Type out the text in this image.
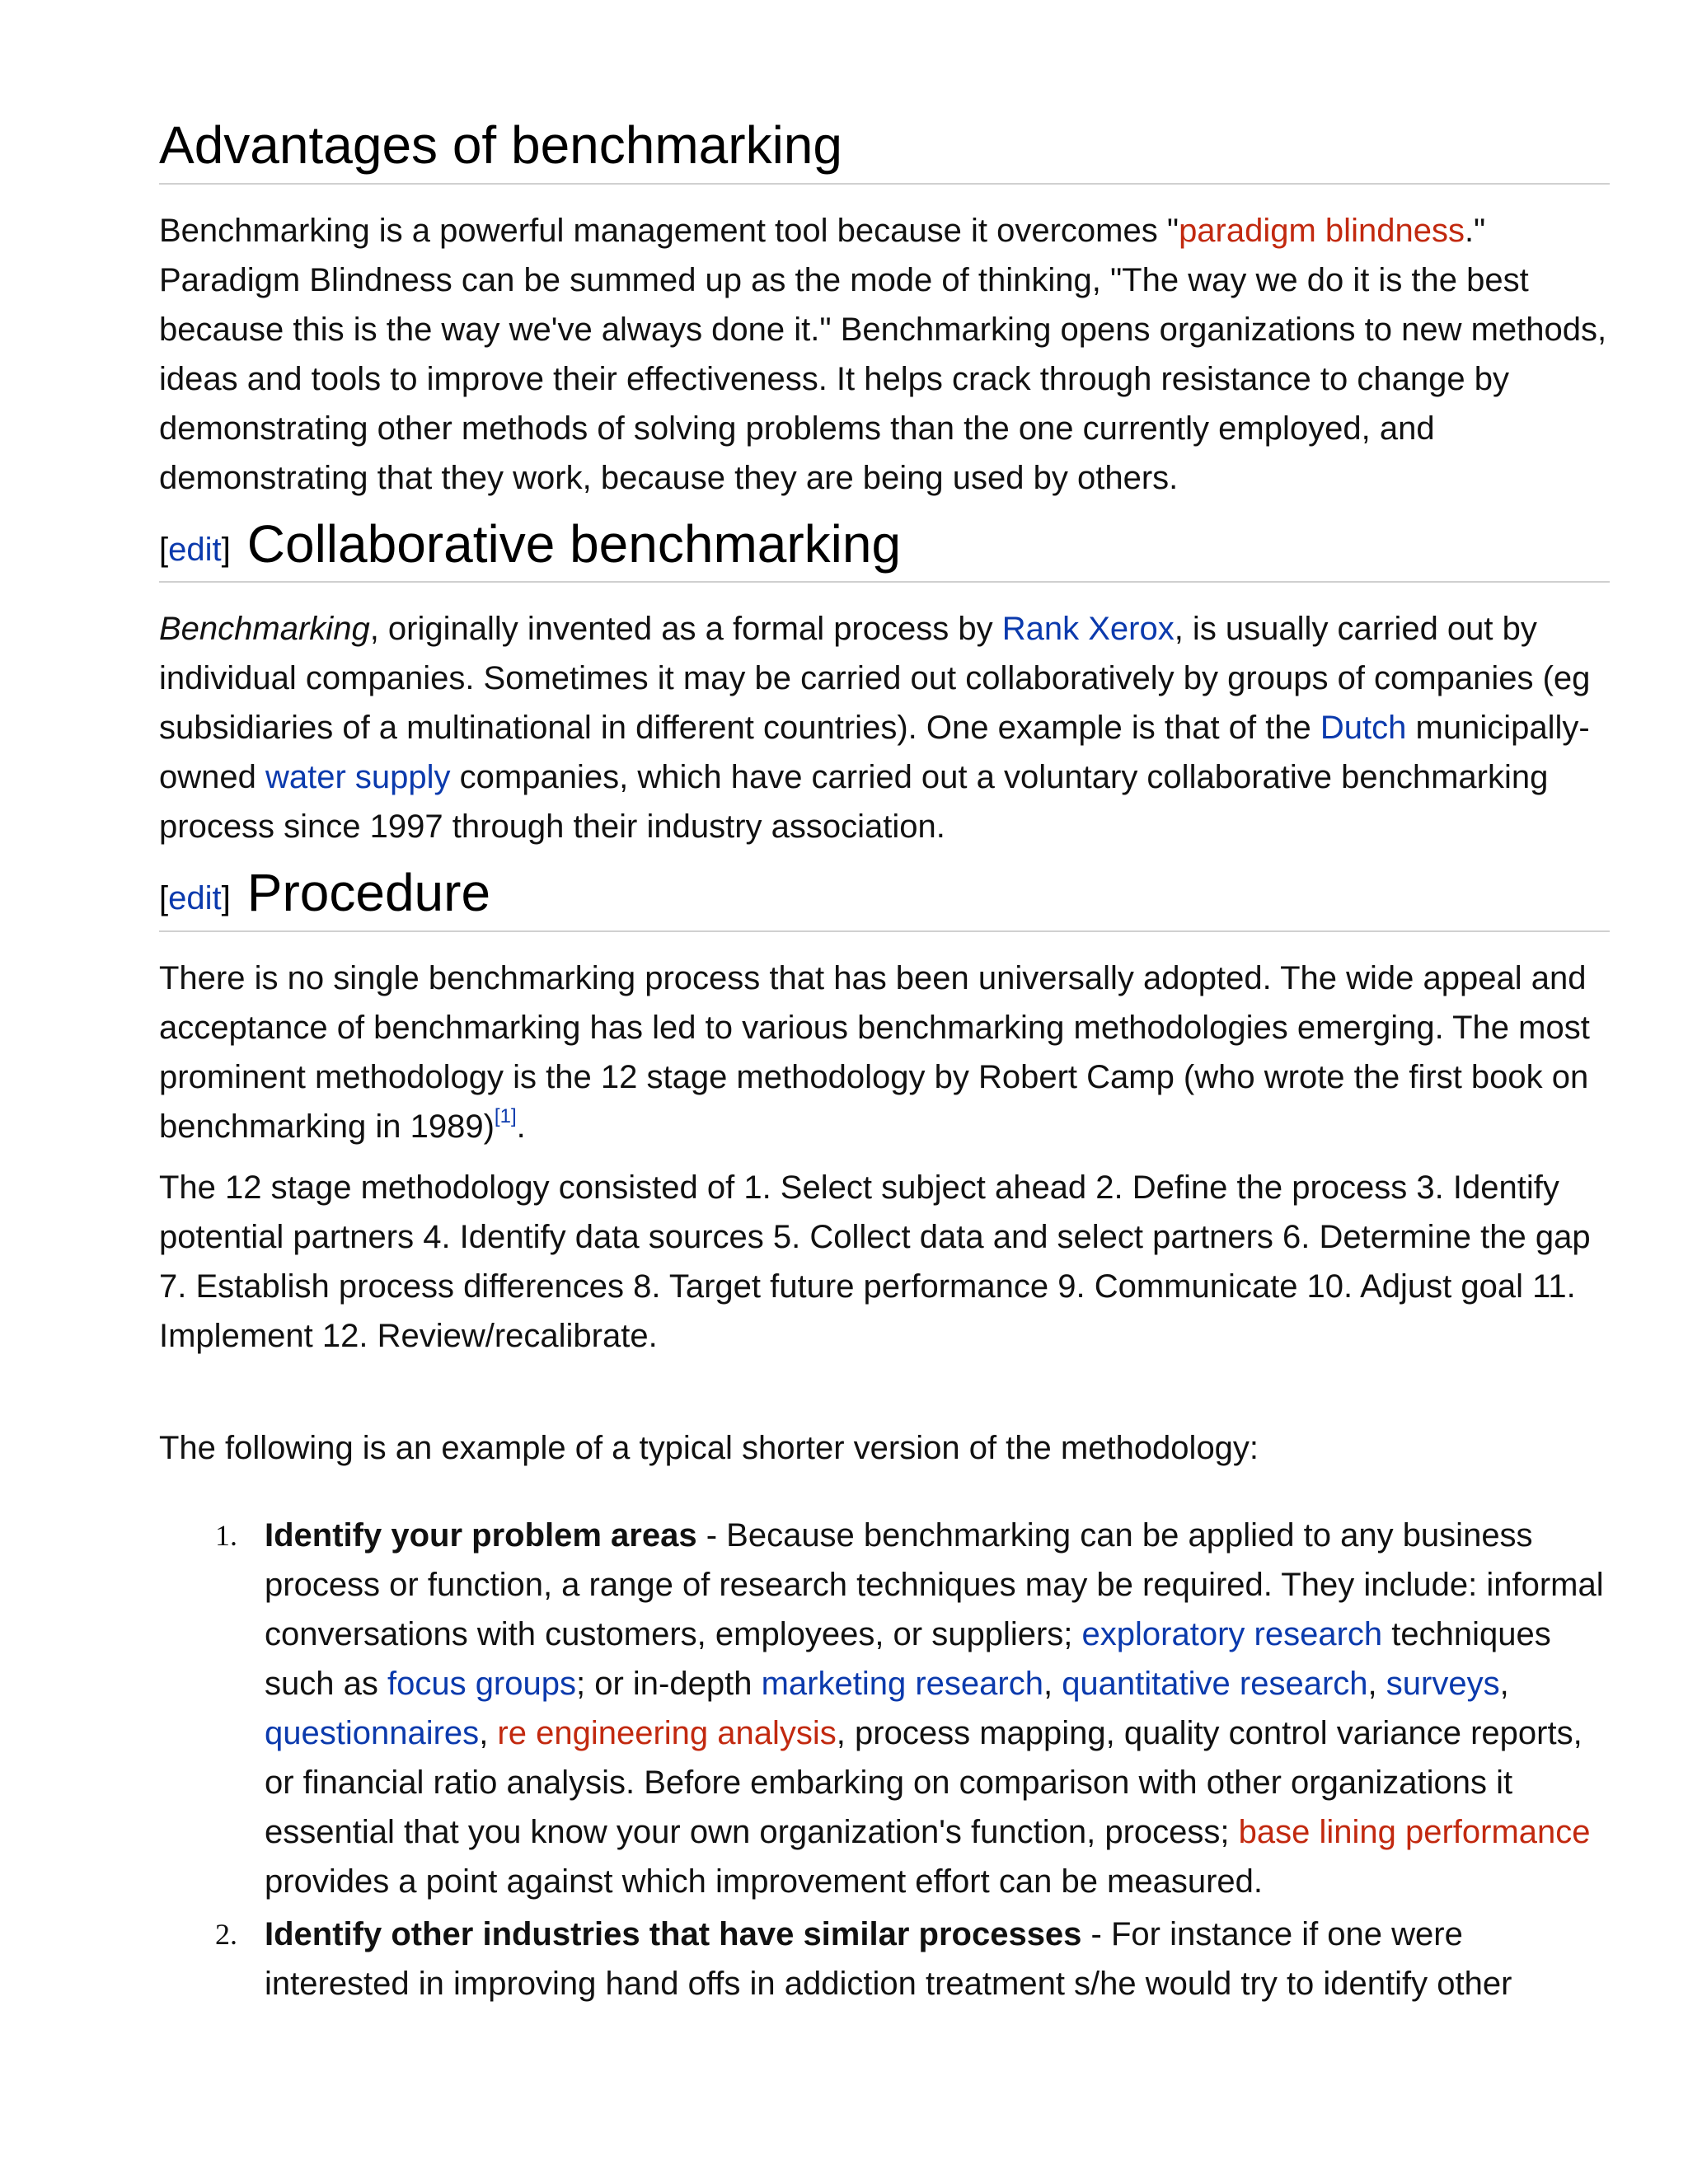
Advantages of benchmarking

Benchmarking is a powerful management tool because it overcomes "paradigm blindness." Paradigm Blindness can be summed up as the mode of thinking, "The way we do it is the best because this is the way we've always done it." Benchmarking opens organizations to new methods, ideas and tools to improve their effectiveness. It helps crack through resistance to change by demonstrating other methods of solving problems than the one currently employed, and demonstrating that they work, because they are being used by others.

[edit] Collaborative benchmarking

Benchmarking, originally invented as a formal process by Rank Xerox, is usually carried out by individual companies. Sometimes it may be carried out collaboratively by groups of companies (eg subsidiaries of a multinational in different countries). One example is that of the Dutch municipally-owned water supply companies, which have carried out a voluntary collaborative benchmarking process since 1997 through their industry association.

[edit] Procedure

There is no single benchmarking process that has been universally adopted. The wide appeal and acceptance of benchmarking has led to various benchmarking methodologies emerging. The most prominent methodology is the 12 stage methodology by Robert Camp (who wrote the first book on benchmarking in 1989)[1].

The 12 stage methodology consisted of 1. Select subject ahead 2. Define the process 3. Identify potential partners 4. Identify data sources 5. Collect data and select partners 6. Determine the gap 7. Establish process differences 8. Target future performance 9. Communicate 10. Adjust goal 11. Implement 12. Review/recalibrate.

The following is an example of a typical shorter version of the methodology:

1. Identify your problem areas - Because benchmarking can be applied to any business process or function, a range of research techniques may be required. They include: informal conversations with customers, employees, or suppliers; exploratory research techniques such as focus groups; or in-depth marketing research, quantitative research, surveys, questionnaires, re engineering analysis, process mapping, quality control variance reports, or financial ratio analysis. Before embarking on comparison with other organizations it essential that you know your own organization's function, process; base lining performance provides a point against which improvement effort can be measured.
2. Identify other industries that have similar processes - For instance if one were interested in improving hand offs in addiction treatment s/he would try to identify other
